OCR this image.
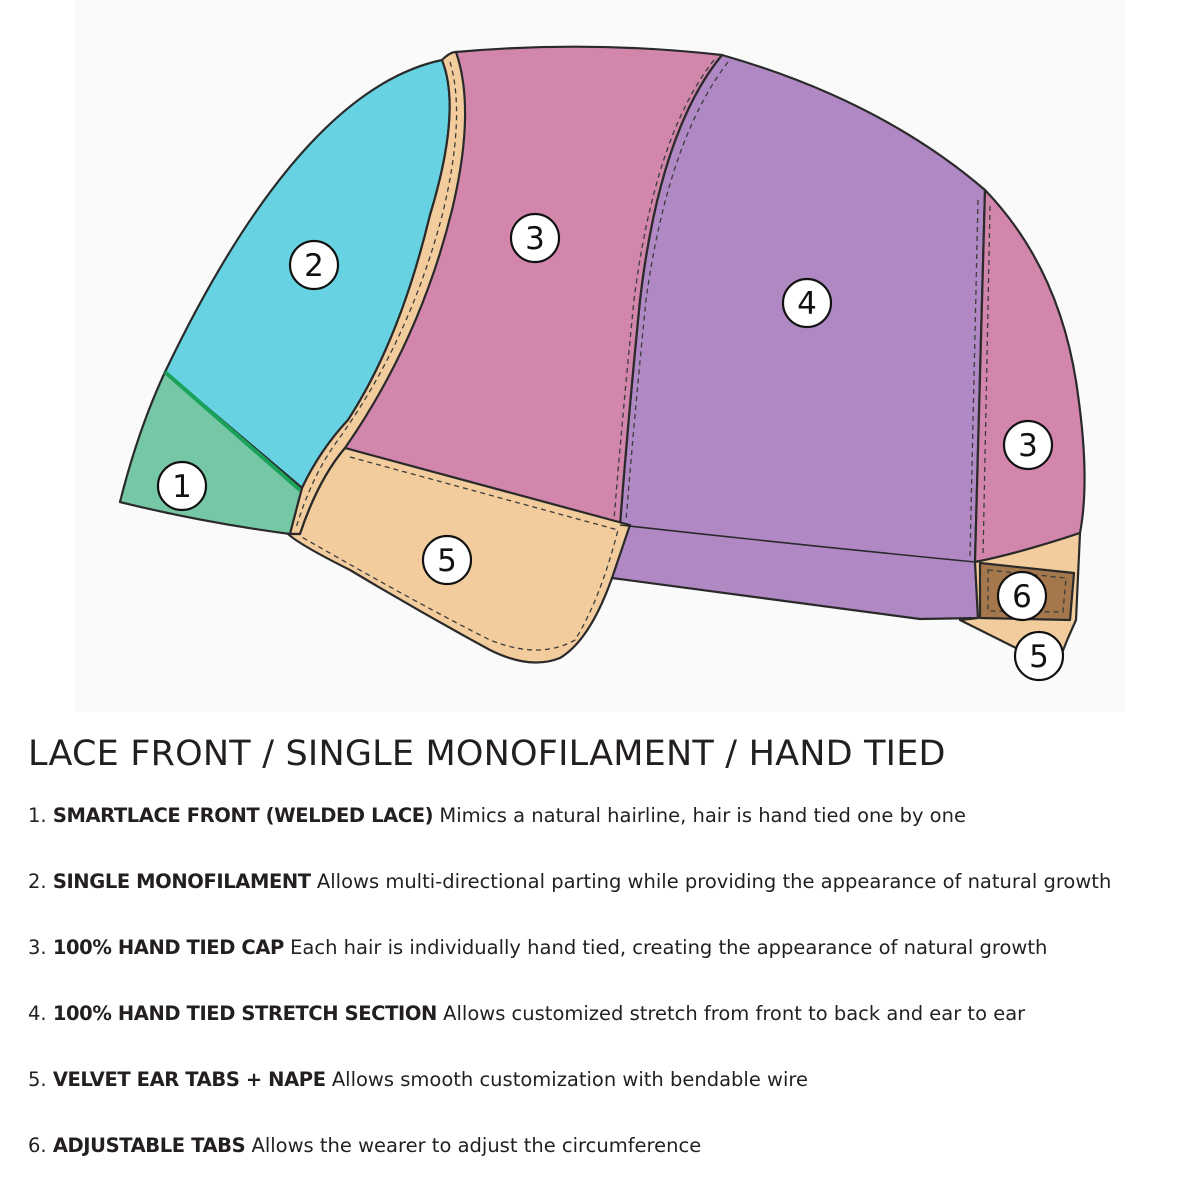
1
2
3
3
4
5
5
6
LACE FRONT / SINGLE MONOFILAMENT / HAND TIED
1. SMARTLACE FRONT (WELDED LACE) Mimics a natural hairline, hair is hand tied one by one
2. SINGLE MONOFILAMENT Allows multi-directional parting while providing the appearance of natural growth
3. 100% HAND TIED CAP Each hair is individually hand tied, creating the appearance of natural growth
4. 100% HAND TIED STRETCH SECTION Allows customized stretch from front to back and ear to ear
5. VELVET EAR TABS + NAPE Allows smooth customization with bendable wire
6. ADJUSTABLE TABS Allows the wearer to adjust the circumference
